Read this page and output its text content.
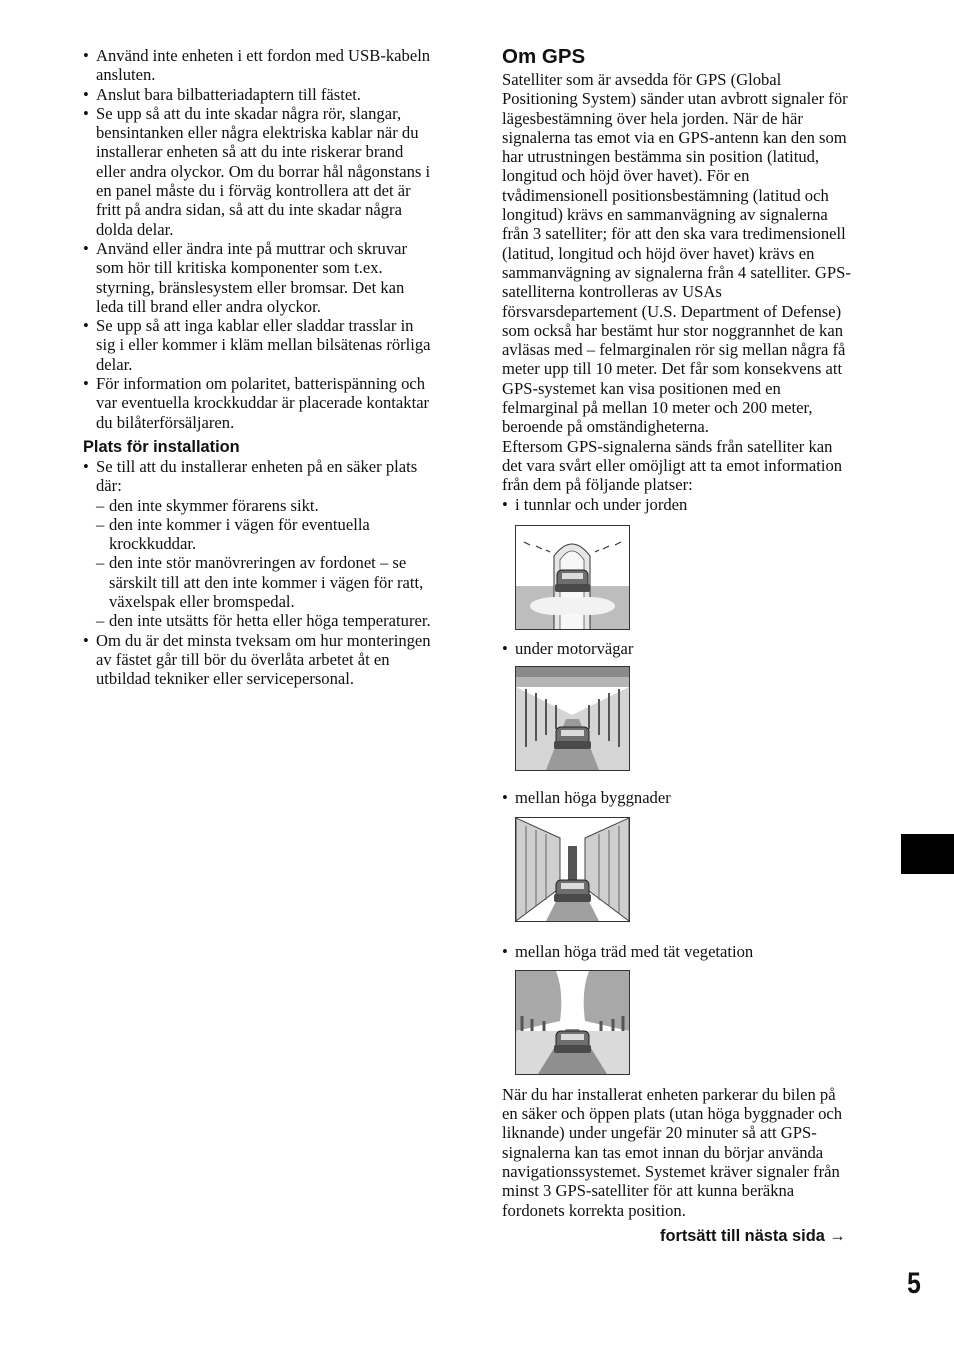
• Använd inte enheten i ett fordon med USB-kabeln
ansluten.
• Anslut bara bilbatteriadaptern till fästet.
• Se upp så att du inte skadar några rör, slangar,
bensintanken eller några elektriska kablar när du
installerar enheten så att du inte riskerar brand
eller andra olyckor. Om du borrar hål någonstans i
en panel måste du i förväg kontrollera att det är
fritt på andra sidan, så att du inte skadar några
dolda delar.
• Använd eller ändra inte på muttrar och skruvar
som hör till kritiska komponenter som t.ex.
styrning, bränslesystem eller bromsar. Det kan
leda till brand eller andra olyckor.
• Se upp så att inga kablar eller sladdar trasslar in
sig i eller kommer i kläm mellan bilsätenas rörliga
delar.
• För information om polaritet, batterispänning och
var eventuella krockkuddar är placerade kontaktar
du bilåterförsäljaren.
Plats för installation
• Se till att du installerar enheten på en säker plats
där:
– den inte skymmer förarens sikt.
– den inte kommer i vägen för eventuella
krockkuddar.
– den inte stör manövreringen av fordonet – se
särskilt till att den inte kommer i vägen för ratt,
växelspak eller bromspedal.
– den inte utsätts för hetta eller höga temperaturer.
• Om du är det minsta tveksam om hur monteringen
av fästet går till bör du överlåta arbetet åt en
utbildad tekniker eller servicepersonal.
Om GPS

Satelliter som är avsedda för GPS (Global
Positioning System) sänder utan avbrott signaler för
lägesbestämning över hela jorden. När de här
signalerna tas emot via en GPS-antenn kan den som
har utrustningen bestämma sin position (latitud,
longitud och höjd över havet). För en
tvådimensionell positionsbestämning (latitud och
longitud) krävs en sammanvägning av signalerna
från 3 satelliter; för att den ska vara tredimensionell
(latitud, longitud och höjd över havet) krävs en
sammanvägning av signalerna från 4 satelliter. GPS-
satelliterna kontrolleras av USAs
försvarsdepartement (U.S. Department of Defense)
som också har bestämt hur stor noggrannhet de kan
avläsas med – felmarginalen rör sig mellan några få
meter upp till 10 meter. Det får som konsekvens att
GPS-systemet kan visa positionen med en
felmarginal på mellan 10 meter och 200 meter,
beroende på omständigheterna.

Eftersom GPS-signalerna sänds från satelliter kan
det vara svårt eller omöjligt att ta emot information
från dem på följande platser:

• i tunnlar och under jorden
• under motorvägar
• mellan höga byggnader
• mellan höga träd med tät vegetation

När du har installerat enheten parkerar du bilen på
en säker och öppen plats (utan höga byggnader och
liknande) under ungefär 20 minuter så att GPS-
signalerna kan tas emot innan du börjar använda
navigationssystemet. Systemet kräver signaler från
minst 3 GPS-satelliter för att kunna beräkna
fordonets korrekta position.

fortsätt till nästa sida →
5
